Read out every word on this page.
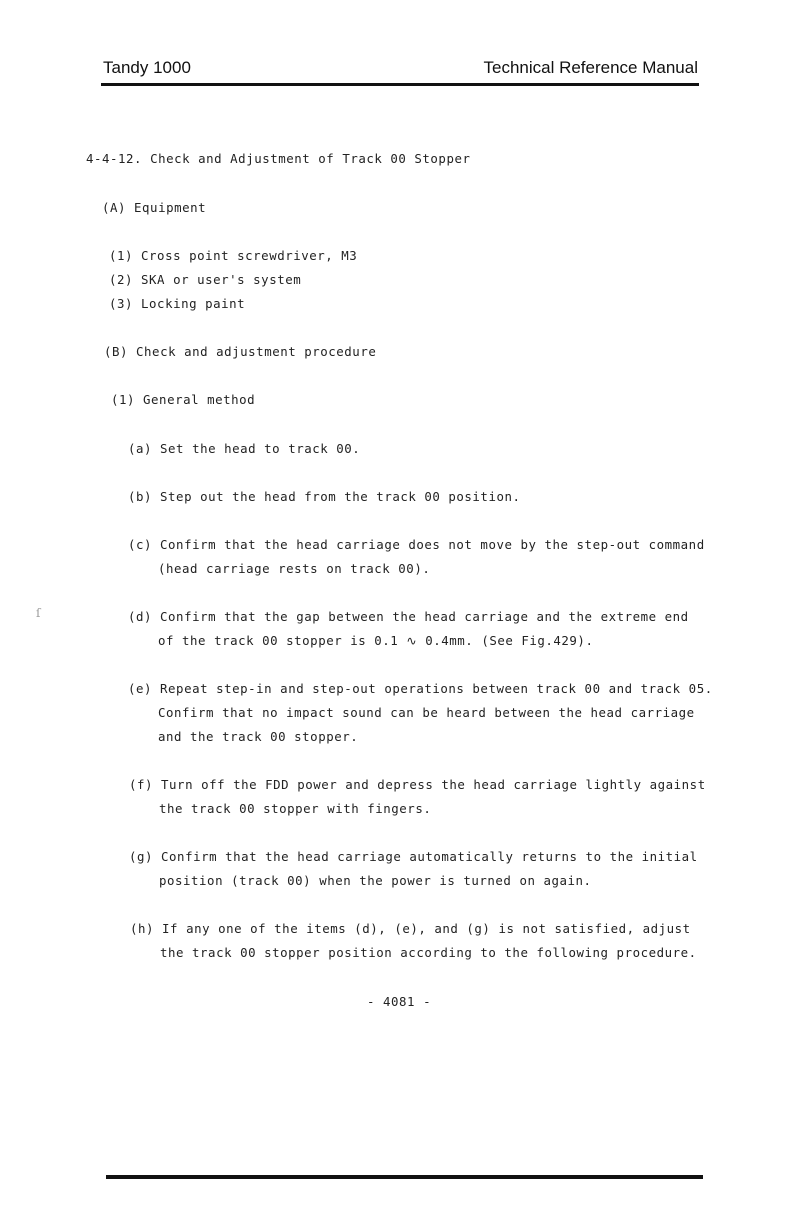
Tandy 1000	Technical Reference Manual
4-4-12. Check and Adjustment of Track 00 Stopper
(A) Equipment
(1) Cross point screwdriver, M3
(2) SKA or user's system
(3) Locking paint
(B) Check and adjustment procedure
(1) General method
(a) Set the head to track 00.
(b) Step out the head from the track 00 position.
(c) Confirm that the head carriage does not move by the step-out command
(head carriage rests on track 00).
ſ	(d) Confirm that the gap between the head carriage and the extreme end
of the track 00 stopper is 0.1 ∿ 0.4mm. (See Fig.429).
(e) Repeat step-in and step-out operations between track 00 and track 05.
Confirm that no impact sound can be heard between the head carriage
and the track 00 stopper.
(f) Turn off the FDD power and depress the head carriage lightly against
the track 00 stopper with fingers.
(g) Confirm that the head carriage automatically returns to the initial
position (track 00) when the power is turned on again.
(h) If any one of the items (d), (e), and (g) is not satisfied, adjust
the track 00 stopper position according to the following procedure.
- 4081 -
